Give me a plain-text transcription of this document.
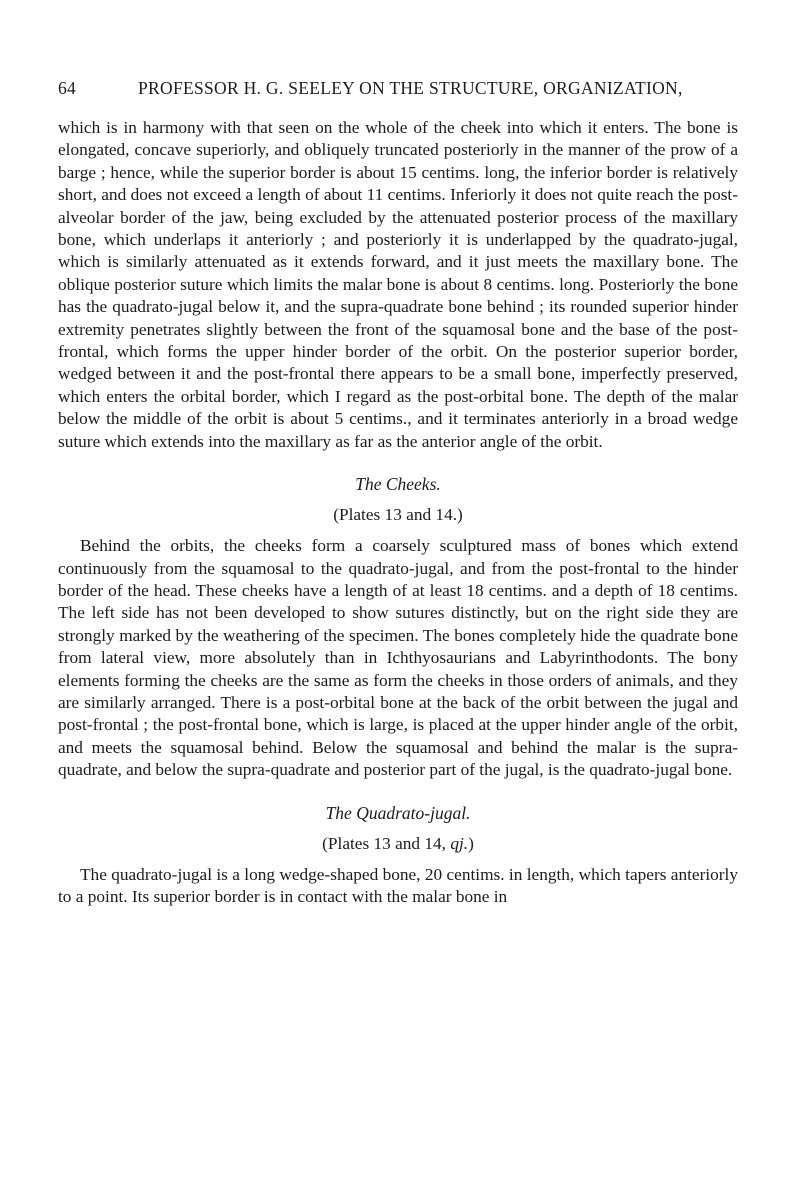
64	PROFESSOR H. G. SEELEY ON THE STRUCTURE, ORGANIZATION,

which is in harmony with that seen on the whole of the cheek into which it enters. The bone is elongated, concave superiorly, and obliquely truncated posteriorly in the manner of the prow of a barge ; hence, while the superior border is about 15 centims. long, the inferior border is relatively short, and does not exceed a length of about 11 centims. Inferiorly it does not quite reach the post-alveolar border of the jaw, being excluded by the attenuated posterior process of the maxillary bone, which underlaps it anteriorly ; and posteriorly it is underlapped by the quadrato-jugal, which is similarly attenuated as it extends forward, and it just meets the maxillary bone. The oblique posterior suture which limits the malar bone is about 8 centims. long. Posteriorly the bone has the quadrato-jugal below it, and the supra-quadrate bone behind ; its rounded superior hinder extremity penetrates slightly between the front of the squamosal bone and the base of the post-frontal, which forms the upper hinder border of the orbit. On the posterior superior border, wedged between it and the post-frontal there appears to be a small bone, imperfectly preserved, which enters the orbital border, which I regard as the post-orbital bone. The depth of the malar below the middle of the orbit is about 5 centims., and it terminates anteriorly in a broad wedge suture which extends into the maxillary as far as the anterior angle of the orbit.

The Cheeks.
(Plates 13 and 14.)

Behind the orbits, the cheeks form a coarsely sculptured mass of bones which extend continuously from the squamosal to the quadrato-jugal, and from the post-frontal to the hinder border of the head. These cheeks have a length of at least 18 centims. and a depth of 18 centims. The left side has not been developed to show sutures distinctly, but on the right side they are strongly marked by the weathering of the specimen. The bones completely hide the quadrate bone from lateral view, more absolutely than in Ichthyosaurians and Labyrinthodonts. The bony elements forming the cheeks are the same as form the cheeks in those orders of animals, and they are similarly arranged. There is a post-orbital bone at the back of the orbit between the jugal and post-frontal ; the post-frontal bone, which is large, is placed at the upper hinder angle of the orbit, and meets the squamosal behind. Below the squamosal and behind the malar is the supra-quadrate, and below the supra-quadrate and posterior part of the jugal, is the quadrato-jugal bone.

The Quadrato-jugal.
(Plates 13 and 14, qj.)

The quadrato-jugal is a long wedge-shaped bone, 20 centims. in length, which tapers anteriorly to a point. Its superior border is in contact with the malar bone in
